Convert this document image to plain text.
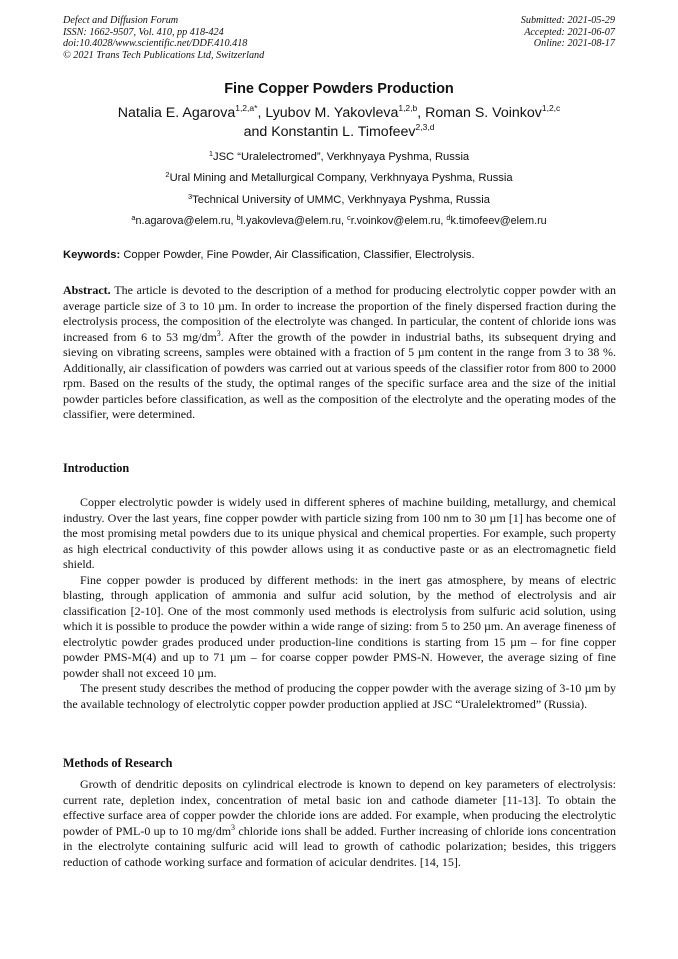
Defect and Diffusion Forum
ISSN: 1662-9507, Vol. 410, pp 418-424
doi:10.4028/www.scientific.net/DDF.410.418
© 2021 Trans Tech Publications Ltd, Switzerland
Submitted: 2021-05-29
Accepted: 2021-06-07
Online: 2021-08-17
Fine Copper Powders Production
Natalia E. Agarova$^{1,2,a*}$, Lyubov M. Yakovleva$^{1,2,b}$, Roman S. Voinkov$^{1,2,c}$
and Konstantin L. Timofeev$^{2,3,d}$
$^1$JSC “Uralelectromed”, Verkhnyaya Pyshma, Russia
$^2$Ural Mining and Metallurgical Company, Verkhnyaya Pyshma, Russia
$^3$Technical University of UMMC, Verkhnyaya Pyshma, Russia
$^a$n.agarova@elem.ru, $^b$l.yakovleva@elem.ru, $^c$r.voinkov@elem.ru, $^d$k.timofeev@elem.ru
Keywords: Copper Powder, Fine Powder, Air Classification, Classifier, Electrolysis.

Abstract. The article is devoted to the description of a method for producing electrolytic copper powder with an average particle size of 3 to 10 µm. In order to increase the proportion of the finely dispersed fraction during the electrolysis process, the composition of the electrolyte was changed. In particular, the content of chloride ions was increased from 6 to 53 $mg/dm^3$. After the growth of the powder in industrial baths, its subsequent drying and sieving on vibrating screens, samples were obtained with a fraction of 5 µm content in the range from 3 to 38 %. Additionally, air classification of powders was carried out at various speeds of the classifier rotor from 800 to 2000 rpm. Based on the results of the study, the optimal ranges of the specific surface area and the size of the initial powder particles before classification, as well as the composition of the electrolyte and the operating modes of the classifier, were determined.

Introduction

Copper electrolytic powder is widely used in different spheres of machine building, metallurgy, and chemical industry. Over the last years, fine copper powder with particle sizing from 100 nm to 30 µm [1] has become one of the most promising metal powders due to its unique physical and chemical properties. For example, such property as high electrical conductivity of this powder allows using it as conductive paste or as an electromagnetic field shield.

Fine copper powder is produced by different methods: in the inert gas atmosphere, by means of electric blasting, through application of ammonia and sulfur acid solution, by the method of electrolysis and air classification [2-10]. One of the most commonly used methods is electrolysis from sulfuric acid solution, using which it is possible to produce the powder within a wide range of sizing: from 5 to 250 µm. An average fineness of electrolytic powder grades produced under production-line conditions is starting from 15 µm – for fine copper powder PMS-M(4) and up to 71 µm – for coarse copper powder PMS-N. However, the average sizing of fine powder shall not exceed 10 µm.

The present study describes the method of producing the copper powder with the average sizing of 3-10 µm by the available technology of electrolytic copper powder production applied at JSC “Uralelektromed” (Russia).

Methods of Research

Growth of dendritic deposits on cylindrical electrode is known to depend on key parameters of electrolysis: current rate, depletion index, concentration of metal basic ion and cathode diameter [11-13]. To obtain the effective surface area of copper powder the chloride ions are added. For example, when producing the electrolytic powder of PML-0 up to 10 $mg/dm^3$ chloride ions shall be added. Further increasing of chloride ions concentration in the electrolyte containing sulfuric acid will lead to growth of cathodic polarization; besides, this triggers reduction of cathode working surface and formation of acicular dendrites. [14, 15].
